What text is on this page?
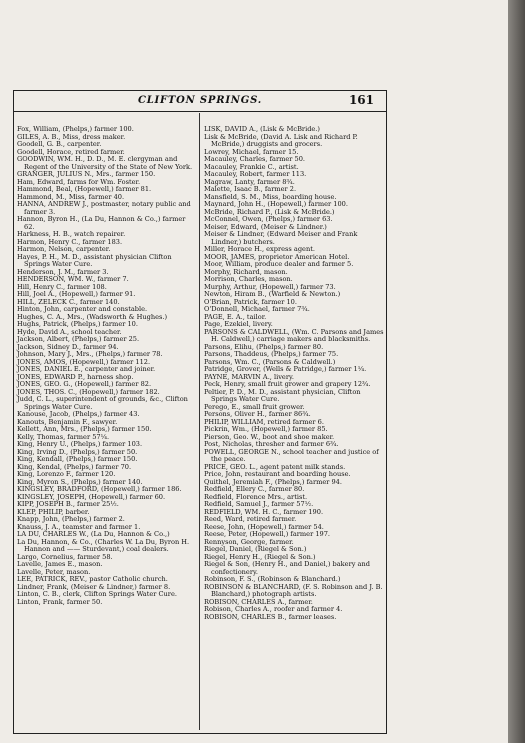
CLIFTON SPRINGS.	161
Fox, William, (Phelps,) farmer 100.
GILES, A. B., Miss, dress maker.
Goodell, G. B., carpenter.
Goodell, Horace, retired farmer.
GOODWIN, WM. H., D. D., M. E. clergyman and Regent of the University of the State of New York.
GRANGER, JULIUS N., Mrs., farmer 150.
Ham, Edward, farms for Wm. Foster.
Hammond, Beal, (Hopewell,) farmer 81.
Hammond, M., Miss, farmer 40.
HANNA, ANDREW J., postmaster, notary public and farmer 3.
Hannon, Byron H., (La Du, Hannon & Co.,) farmer 62.
Harkness, H. B., watch repairer.
Harmon, Henry C., farmer 183.
Harmon, Nelson, carpenter.
Hayes, P. H., M. D., assistant physician Clifton Springs Water Cure.
Henderson, J. M., farmer 3.
HENDERSON, WM. W., farmer 7.
Hill, Henry C., farmer 108.
Hill, Joel A., (Hopewell,) farmer 91.
HILL, ZELECK C., farmer 140.
Hinton, John, carpenter and constable.
Hughes, C. A., Mrs., (Wadsworth & Hughes.)
Hughs, Patrick, (Phelps,) farmer 10.
Hyde, David A., school teacher.
Jackson, Albert, (Phelps,) farmer 25.
Jackson, Sidney D., farmer 94.
Johnson, Mary J., Mrs., (Phelps,) farmer 78.
JONES, AMOS, (Hopewell,) farmer 112.
JONES, DANIEL E., carpenter and joiner.
JONES, EDWARD P., harness shop.
JONES, GEO. G., (Hopewell,) farmer 82.
JONES, THOS. C., (Hopewell,) farmer 182.
Judd, C. L., superintendent of grounds, &c., Clifton Springs Water Cure.
Kanouse, Jacob, (Phelps,) farmer 43.
Kanouts, Benjamin F., sawyer.
Kellett, Ann, Mrs., (Phelps,) farmer 150.
Kelly, Thomas, farmer 57¼.
King, Henry U., (Phelps,) farmer 103.
King, Irving D., (Phelps,) farmer 50.
King, Kendall, (Phelps,) farmer 150.
King, Kendal, (Phelps,) farmer 70.
King, Lorenzo F., farmer 120.
King, Myron S., (Phelps,) farmer 140.
KINGSLEY, BRADFORD, (Hopewell,) farmer 186.
KINGSLEY, JOSEPH, (Hopewell,) farmer 60.
KIPP, JOSEPH B., farmer 25½.
KLEP, PHILIP, barber.
Knapp, John, (Phelps,) farmer 2.
Knauss, J. A., teamster and farmer 1.
LA DU, CHARLES W., (La Du, Hannon & Co.,)
La Du, Hannon, & Co., (Charles W. La Du, Byron H. Hannon and —— Sturdevant,) coal dealers.
Largo, Cornelius, farmer 58.
Lavelle, James E., mason.
Lavelle, Peter, mason.
LEE, PATRICK, REV., pastor Catholic church.
Lindner, Frank, (Meiser & Lindner,) farmer 8.
Linton, C. B., clerk, Clifton Springs Water Cure.
Linton, Frank, farmer 50.
LISK, DAVID A., (Lisk & McBride.)
Lisk & McBride, (David A. Lisk and Richard P. McBride,) druggists and grocers.
Lowrey, Michael, farmer 15.
Macauley, Charles, farmer 50.
Macauley, Frankie C., artist.
Macauley, Robert, farmer 113.
Magraw, Lanty, farmer 8¾.
Malette, Isaac B., farmer 2.
Mansfield, S. M., Miss, boarding house.
Maynard, John H., (Hopewell,) farmer 100.
McBride, Richard P., (Lisk & McBride.)
McConnel, Owen, (Phelps,) farmer 63.
Meiser, Edward, (Meiser & Lindner.)
Meiser & Lindner, (Edward Meiser and Frank Lindner,) butchers.
Miller, Horace H., express agent.
MOOR, JAMES, proprietor American Hotel.
Moor, William, produce dealer and farmer 5.
Morphy, Richard, mason.
Morrison, Charles, mason.
Murphy, Arthur, (Hopewell,) farmer 73.
Newton, Hiram B., (Warfield & Newton.)
O'Brian, Patrick, farmer 10.
O'Donnell, Michael, farmer 7¾.
PAGE, E. A., tailor.
Page, Ezekiel, livery.
PARSONS & CALDWELL, (Wm. C. Parsons and James H. Caldwell,) carriage makers and blacksmiths.
Parsons, Elihu, (Phelps,) farmer 80.
Parsons, Thaddeus, (Phelps,) farmer 75.
Parsons, Wm. C., (Parsons & Caldwell.)
Patridge, Grover, (Wells & Patridge,) farmer 1¼.
PAYNE, MARVIN A., livery.
Peck, Henry, small fruit grower and grapery 12¾.
Peltier, P. D., M. D., assistant physician, Clifton Springs Water Cure.
Perego, E., small fruit grower.
Persons, Oliver H., farmer 86¾.
PHILIP, WILLIAM, retired farmer 6.
Pickrin, Wm., (Hopewell,) farmer 85.
Pierson, Geo. W., boot and shoe maker.
Post, Nicholas, thresher and farmer 6¾.
POWELL, GEORGE N., school teacher and justice of the peace.
PRICE, GEO. L., agent patent milk stands.
Price, John, restaurant and boarding house.
Quithel, Jeremiah F., (Phelps,) farmer 94.
Redfield, Ellery C., farmer 80.
Redfield, Florence Mrs., artist.
Redfield, Samuel J., farmer 57½.
REDFIELD, WM. H. C., farmer 190.
Reed, Ward, retired farmer.
Reese, John, (Hopewell,) farmer 54.
Reese, Peter, (Hopewell,) farmer 197.
Rennyson, George, farmer.
Riegel, Daniel, (Riegel & Son.)
Riegel, Henry H., (Riegel & Son.)
Riegel & Son, (Henry H., and Daniel,) bakery and confectionery.
Robinson, F. S., (Robinson & Blanchard.)
ROBINSON & BLANCHARD, (F. S. Robinson and J. B. Blanchard,) photograph artists.
ROBISON, CHARLES A., farmer.
Robison, Charles A., roofer and farmer 4.
ROBISON, CHARLES B., farmer leases.
